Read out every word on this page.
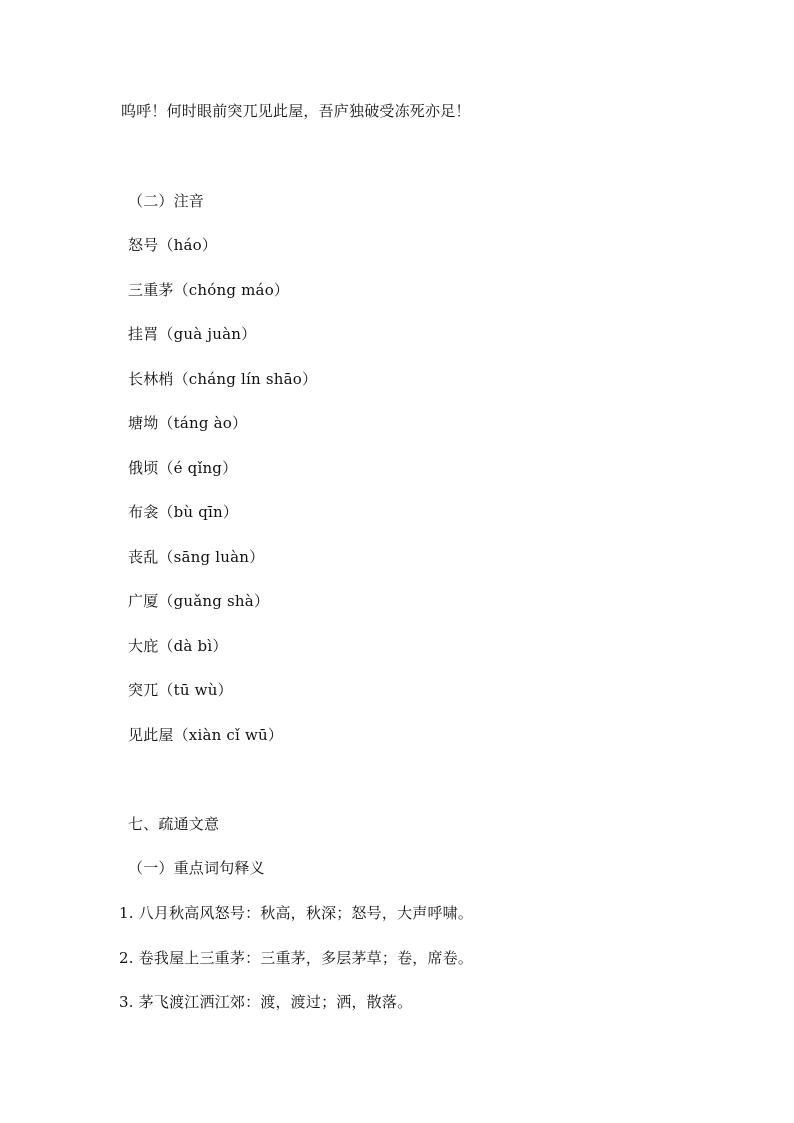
呜呼！何时眼前突兀见此屋，吾庐独破受冻死亦足！
（二）注音
怒号（háo）
三重茅（chóng máo）
挂罥（guà juàn）
长林梢（cháng lín shāo）
塘坳（táng ào）
俄顷（é qǐng）
布衾（bù qīn）
丧乱（sāng luàn）
广厦（guǎng shà）
大庇（dà bì）
突兀（tū wù）
见此屋（xiàn cǐ wū）
七、疏通文意
（一）重点词句释义
1. 八月秋高风怒号：秋高，秋深；怒号，大声呼啸。
2. 卷我屋上三重茅：三重茅，多层茅草；卷，席卷。
3. 茅飞渡江洒江郊：渡，渡过；洒，散落。
